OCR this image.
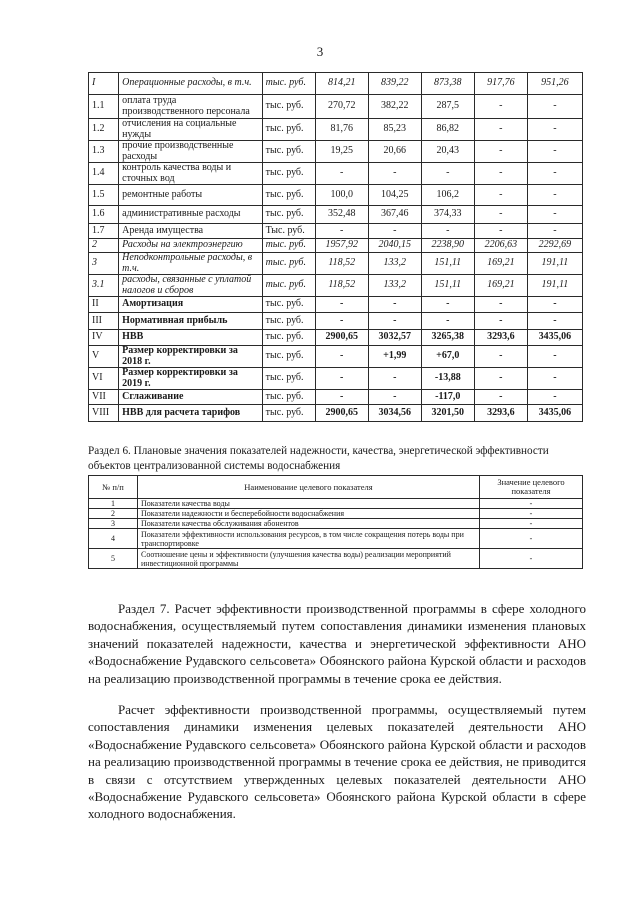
3
I	Операционные расходы, в т.ч.	тыс. руб.	814,21	839,22	873,38	917,76	951,26
1.1	оплата труда производственного персонала	тыс. руб.	270,72	382,22	287,5	-	-
1.2	отчисления на социальные нужды	тыс. руб.	81,76	85,23	86,82	-	-
1.3	прочие производственные расходы	тыс. руб.	19,25	20,66	20,43	-	-
1.4	контроль качества воды и сточных вод	тыс. руб.	-	-	-	-	-
1.5	ремонтные работы	тыс. руб.	100,0	104,25	106,2	-	-
1.6	административные расходы	тыс. руб.	352,48	367,46	374,33	-	-
1.7	Аренда имущества	Тыс. руб.	-	-	-	-	-
2	Расходы на электроэнергию	тыс. руб.	1957,92	2040,15	2238,90	2206,63	2292,69
3	Неподконтрольные расходы, в т.ч.	тыс. руб.	118,52	133,2	151,11	169,21	191,11
3.1	расходы, связанные с уплатой налогов и сборов	тыс. руб.	118,52	133,2	151,11	169,21	191,11
II	Амортизация	тыс. руб.	-	-	-	-	-
III	Нормативная прибыль	тыс. руб.	-	-	-	-	-
IV	НВВ	тыс. руб.	2900,65	3032,57	3265,38	3293,6	3435,06
V	Размер корректировки за 2018 г.	тыс. руб.	-	+1,99	+67,0	-	-
VI	Размер корректировки за 2019 г.	тыс. руб.	-	-	-13,88	-	-
VII	Сглаживание	тыс. руб.	-	-	-117,0	-	-
VIII	НВВ для расчета тарифов	тыс. руб.	2900,65	3034,56	3201,50	3293,6	3435,06
Раздел 6. Плановые значения показателей надежности, качества, энергетической эффективности объектов централизованной системы водоснабжения
№ п/п	Наименование целевого показателя	Значение целевого показателя
1	Показатели качества воды	-
2	Показатели надежности и бесперебойности водоснабжения	-
3	Показатели качества обслуживания абонентов	-
4	Показатели эффективности использования ресурсов, в том числе сокращения потерь воды при транспортировке	-
5	Соотношение цены и эффективности (улучшения качества воды) реализации мероприятий инвестиционной программы	-

Раздел 7. Расчет эффективности производственной программы в сфере холодного водоснабжения, осуществляемый путем сопоставления динамики изменения плановых значений показателей надежности, качества и энергетической эффективности АНО «Водоснабжение Рудавского сельсовета» Обоянского района Курской области и расходов на реализацию производственной программы в течение срока ее действия.

Расчет эффективности производственной программы, осуществляемый путем сопоставления динамики изменения целевых показателей деятельности АНО «Водоснабжение Рудавского сельсовета» Обоянского района Курской области и расходов на реализацию производственной программы в течение срока ее действия, не приводится в связи с отсутствием утвержденных целевых показателей деятельности АНО «Водоснабжение Рудавского сельсовета» Обоянского района Курской области в сфере холодного водоснабжения.
